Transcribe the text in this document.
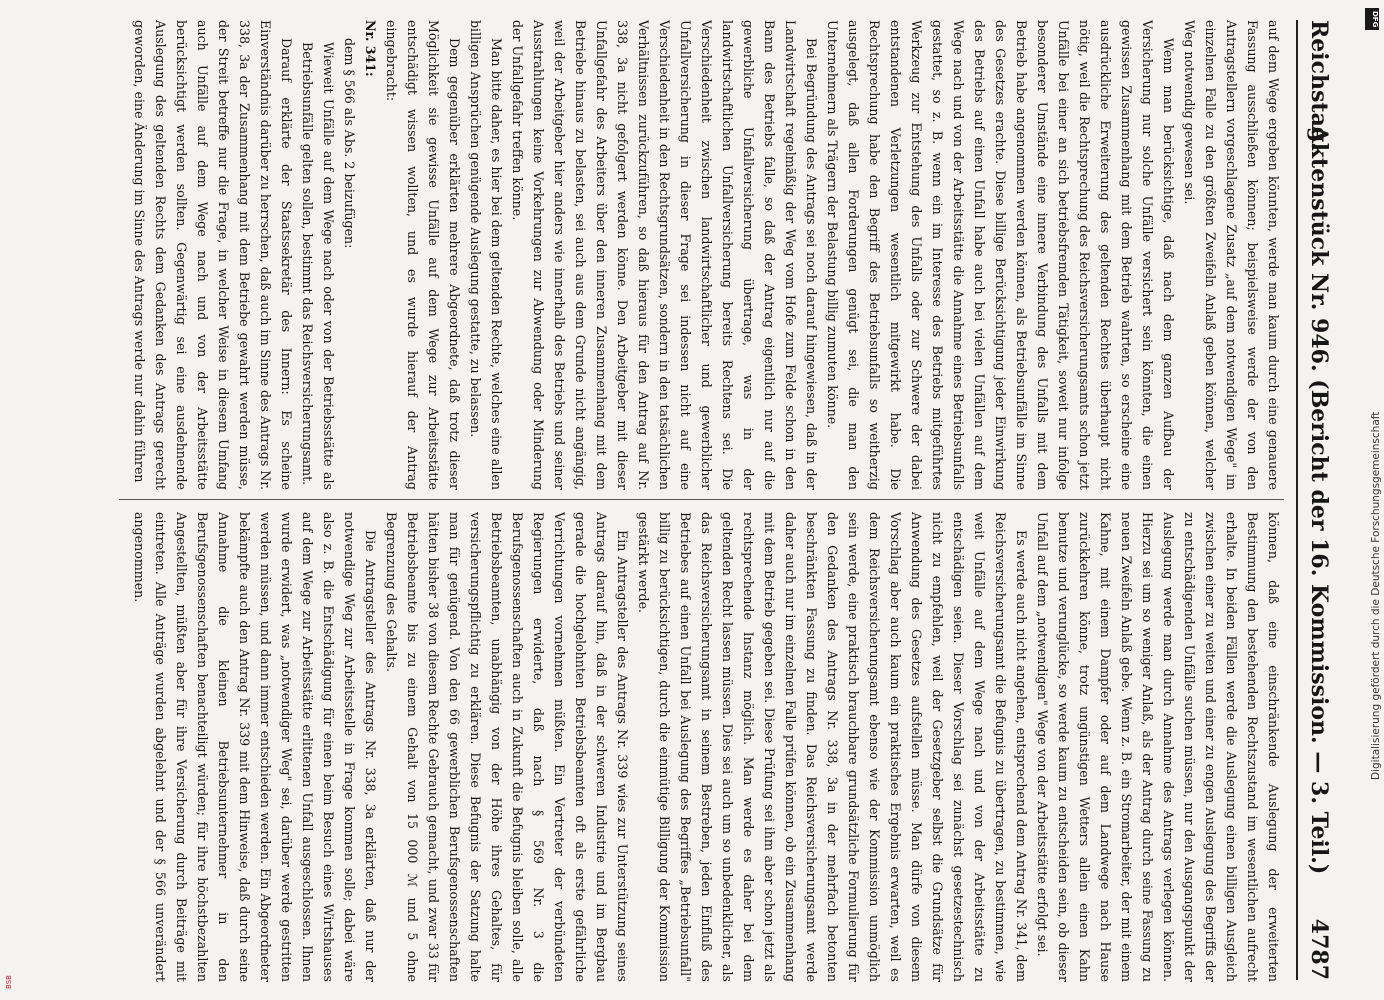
Reichstag.
Aktenstück Nr. 946. (Bericht der 16. Kommission. — 3. Teil.)
4787

auf dem Wege ergeben könnten, werde man kaum durch eine genauere Fassung ausschließen können; beispielsweise werde der von den Antragstellern vorgeschlagene Zusatz „auf dem notwendigen Wege" im einzelnen Falle zu den größten Zweifeln Anlaß geben können, welcher Weg notwendig gewesen sei.

Wenn man berücksichtige, daß nach dem ganzen Aufbau der Versicherung nur solche Unfälle versichert sein könnten, die einen gewissen Zusammenhang mit dem Betrieb wahrten, so erscheine eine ausdrückliche Erweiterung des geltenden Rechtes überhaupt nicht nötig, weil die Rechtsprechung des Reichsversicherungsamts schon jetzt Unfälle bei einer an sich betriebsfremden Tätigkeit, soweit nur infolge besonderer Umstände eine innere Verbindung des Unfalls mit dem Betrieb habe angenommen werden können, als Betriebsunfälle im Sinne des Gesetzes erachte. Diese billige Berücksichtigung jeder Einwirkung des Betriebs auf einen Unfall habe auch bei vielen Unfällen auf dem Wege nach und von der Arbeitsstätte die Annahme eines Betriebsunfalls gestattet, so z. B. wenn ein im Interesse des Betriebs mitgeführtes Werkzeug zur Entstehung des Unfalls oder zur Schwere der dabei entstandenen Verletzungen wesentlich mitgewirkt habe. Die Rechtsprechung habe den Begriff des Betriebsunfalls so weitherzig ausgelegt, daß allen Forderungen genügt sei, die man den Unternehmern als Trägern der Belastung billig zumuten könne.

Bei Begründung des Antrags sei noch darauf hingewiesen, daß in der Landwirtschaft regelmäßig der Weg vom Hofe zum Felde schon in den Bann des Betriebs falle, so daß der Antrag eigentlich nur auf die gewerbliche Unfallversicherung übertrage, was in der landwirtschaftlichen Unfallversicherung bereits Rechtens sei. Die Verschiedenheit zwischen landwirtschaftlicher und gewerblicher Unfallversicherung in dieser Frage sei indessen nicht auf eine Verschiedenheit in den Rechtsgrundsätzen, sondern in den tatsächlichen Verhältnissen zurückzuführen, so daß hieraus für den Antrag auf Nr. 338, 3a nicht gefolgert werden könne. Den Arbeitgeber mit dieser Unfallgefahr des Arbeiters über den inneren Zusammenhang mit dem Betriebe hinaus zu belasten, sei auch aus dem Grunde nicht angängig, weil der Arbeitgeber hier anders wie innerhalb des Betriebs und seiner Ausstrahlungen keine Vorkehrungen zur Abwendung oder Minderung der Unfallgefahr treffen könne.

Man bitte daher, es hier bei dem geltenden Rechte, welches eine allen billigen Ansprüchen genügende Auslegung gestatte, zu belassen.

Dem gegenüber erklärten mehrere Abgeordnete, daß trotz dieser Möglichkeit sie gewisse Unfälle auf dem Wege zur Arbeitsstätte entschädigt wissen wollten, und es wurde hierauf der Antrag eingebracht:

Nr. 341:

dem § 566 als Abs. 2 beizufügen:

Wieweit Unfälle auf dem Wege nach oder von der Betriebsstätte als Betriebsunfälle gelten sollen, bestimmt das Reichsversicherungsamt.

Darauf erklärte der Staatssekretär des Innern: Es scheine Einverständnis darüber zu herrschen, daß auch im Sinne des Antrags Nr. 338, 3a der Zusammenhang mit dem Betriebe gewahrt werden müsse, der Streit betreffe nur die Frage, in welcher Weise in diesem Umfang auch Unfälle auf dem Wege nach und von der Arbeitsstätte berücksichtigt werden sollten. Gegenwärtig sei eine ausdehnende Auslegung des geltenden Rechts dem Gedanken des Antrags gerecht geworden, eine Änderung im Sinne des Antrags werde nur dahin führen

können, daß eine einschränkende Auslegung der erweiterten Bestimmung den bestehenden Rechtszustand im wesentlichen aufrecht erhalte. In beiden Fällen werde die Auslegung einen billigen Ausgleich zwischen einer zu weiten und einer zu engen Auslegung des Begriffs der zu entschädigenden Unfälle suchen müssen, nur den Ausgangspunkt der Auslegung werde man durch Annahme des Antrags verlegen können. Hierzu sei um so weniger Anlaß, als der Antrag durch seine Fassung zu neuen Zweifeln Anlaß gebe. Wenn z. B. ein Stromarbeiter, der mit einem Kahne, mit einem Dampfer oder auf dem Landwege nach Hause zurückkehren könne, trotz ungünstigen Wetters allein einen Kahn benutze und verunglücke, so werde kaum zu entscheiden sein, ob dieser Unfall auf dem „notwendigen" Wege von der Arbeitsstätte erfolgt sei.

Es werde auch nicht angehen, entsprechend dem Antrag Nr. 341, dem Reichsversicherungsamt die Befugnis zu übertragen, zu bestimmen, wie weit Unfälle auf dem Wege nach und von der Arbeitsstätte zu entschädigen seien. Dieser Vorschlag sei zunächst gesetzestechnisch nicht zu empfehlen, weil der Gesetzgeber selbst die Grundsätze für Anwendung des Gesetzes aufstellen müsse. Man dürfe von diesem Vorschlag aber auch kaum ein praktisches Ergebnis erwarten, weil es dem Reichsversicherungsamt ebenso wie der Kommission unmöglich sein werde, eine praktisch brauchbare grundsätzliche Formulierung für den Gedanken des Antrags Nr. 338, 3a in der mehrfach betonten beschränkten Fassung zu finden. Das Reichsversicherungsamt werde daher auch nur im einzelnen Falle prüfen können, ob ein Zusammenhang mit dem Betrieb gegeben sei. Diese Prüfung sei ihm aber schon jetzt als rechtsprechende Instanz möglich. Man werde es daher bei dem geltenden Recht lassen müssen. Dies sei auch um so unbedenklicher, als das Reichsversicherungsamt in seinem Bestreben, jeden Einfluß des Betriebes auf einen Unfall bei Auslegung des Begriffes „Betriebsunfall" billig zu berücksichtigen, durch die einmütige Billigung der Kommission gestärkt werde.

Ein Antragsteller des Antrags Nr. 339 wies zur Unterstützung seines Antrags darauf hin, daß in der schweren Industrie und im Bergbau gerade die hochgelohnten Betriebsbeamten oft als erste gefährliche Verrichtungen vornehmen müßten. Ein Vertreter der verbündeten Regierungen erwiderte, daß nach § 569 Nr. 3 die Berufsgenossenschaften auch in Zukunft die Befugnis bleiben solle, alle Betriebsbeamten, unabhängig von der Höhe ihres Gehaltes, für versicherungspflichtig zu erklären. Diese Befugnis der Satzung halte man für genügend. Von den 66 gewerblichen Berufsgenossenschaften hätten bisher 38 von diesem Rechte Gebrauch gemacht, und zwar 33 für Betriebsbeamte bis zu einem Gehalt von 15 000 ℳ und 5 ohne Begrenzung des Gehalts.

Die Antragsteller des Antrags Nr. 338, 3a erklärten, daß nur der notwendige Weg zur Arbeitsstelle in Frage kommen solle; dabei wäre also z. B. die Entschädigung für einen beim Besuch eines Wirtshauses auf dem Wege zur Arbeitsstätte erlittenen Unfall ausgeschlossen. Ihnen wurde erwidert, was „notwendiger Weg" sei, darüber werde gestritten werden müssen, und dann immer entschieden werden. Ein Abgeordneter bekämpfte auch den Antrag Nr. 339 mit dem Hinweise, daß durch seine Annahme die kleinen Betriebsunternehmer in den Berufsgenossenschaften benachteiligt würden; für ihre höchstbezahlten Angestellten, müßten aber für ihre Versicherung durch Beiträge mit eintreten. Alle Anträge wurden abgelehnt und der § 566 unverändert angenommen.

DFG
Digitalisierung gefördert durch die Deutsche Forschungsgemeinschaft
BSB
